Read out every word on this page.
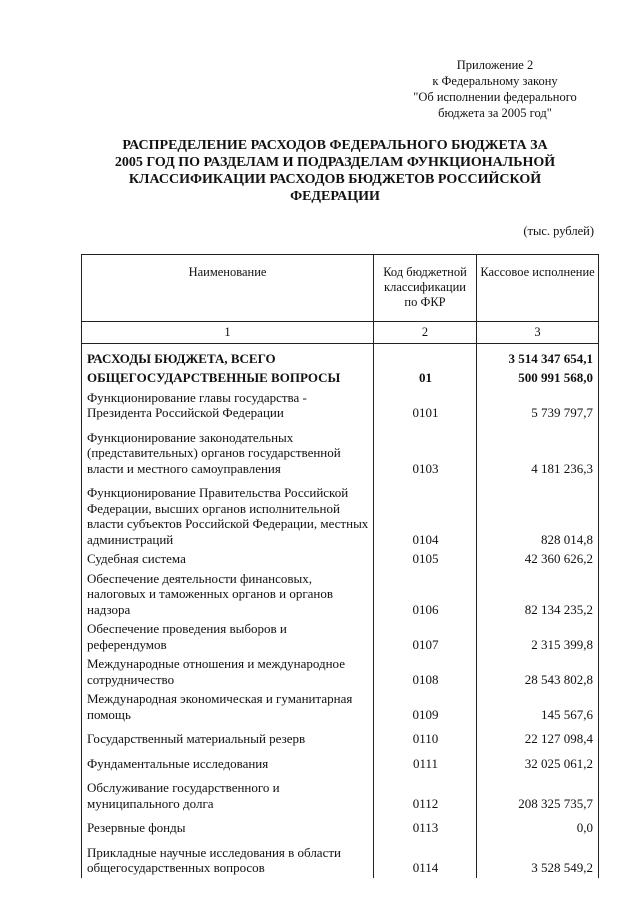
Приложение 2
к Федеральному закону
"Об исполнении федерального
бюджета за 2005 год"
РАСПРЕДЕЛЕНИЕ РАСХОДОВ ФЕДЕРАЛЬНОГО БЮДЖЕТА ЗА
2005 ГОД ПО РАЗДЕЛАМ И ПОДРАЗДЕЛАМ ФУНКЦИОНАЛЬНОЙ
КЛАССИФИКАЦИИ РАСХОДОВ БЮДЖЕТОВ РОССИЙСКОЙ
ФЕДЕРАЦИИ
(тыс. рублей)
Наименование	Код бюджетной классификации по ФКР	Кассовое исполнение
1	2	3
РАСХОДЫ БЮДЖЕТА, ВСЕГО		3 514 347 654,1
ОБЩЕГОСУДАРСТВЕННЫЕ ВОПРОСЫ	01	500 991 568,0
Функционирование главы государства - Президента Российской Федерации	0101	5 739 797,7
Функционирование законодательных (представительных) органов государственной власти и местного самоуправления	0103	4 181 236,3
Функционирование Правительства Российской Федерации, высших органов исполнительной власти субъектов Российской Федерации, местных администраций	0104	828 014,8
Судебная система	0105	42 360 626,2
Обеспечение деятельности финансовых, налоговых и таможенных органов и органов надзора	0106	82 134 235,2
Обеспечение проведения выборов и референдумов	0107	2 315 399,8
Международные отношения и международное сотрудничество	0108	28 543 802,8
Международная экономическая и гуманитарная помощь	0109	145 567,6
Государственный материальный резерв	0110	22 127 098,4
Фундаментальные исследования	0111	32 025 061,2
Обслуживание государственного и муниципального долга	0112	208 325 735,7
Резервные фонды	0113	0,0
Прикладные научные исследования в области общегосударственных вопросов	0114	3 528 549,2
